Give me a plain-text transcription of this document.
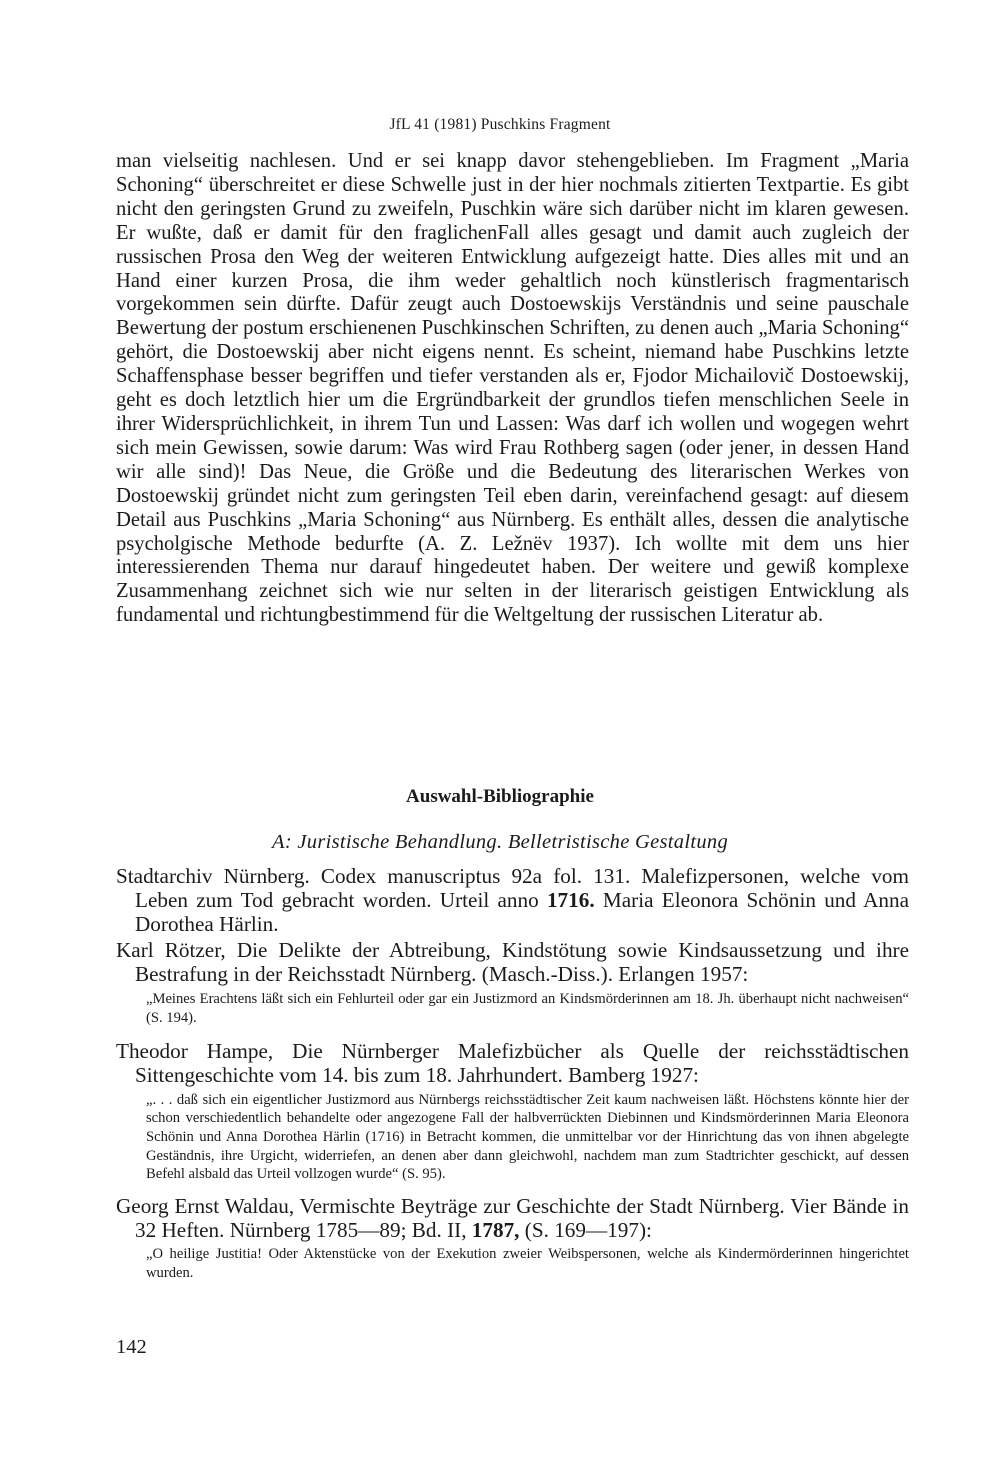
JfL 41 (1981) Puschkins Fragment

man vielseitig nachlesen. Und er sei knapp davor stehengeblieben. Im Fragment „Maria Schoning“ überschreitet er diese Schwelle just in der hier nochmals zitierten Textpartie. Es gibt nicht den geringsten Grund zu zweifeln, Puschkin wäre sich darüber nicht im klaren gewesen. Er wußte, daß er damit für den fraglichenFall alles gesagt und damit auch zugleich der russischen Prosa den Weg der weiteren Entwicklung aufgezeigt hatte. Dies alles mit und an Hand einer kurzen Prosa, die ihm weder gehaltlich noch künstlerisch fragmentarisch vorgekommen sein dürfte. Dafür zeugt auch Dostoewskijs Verständnis und seine pauschale Bewertung der postum erschienenen Puschkinschen Schriften, zu denen auch „Maria Schoning“ gehört, die Dostoewskij aber nicht eigens nennt. Es scheint, niemand habe Puschkins letzte Schaffensphase besser begriffen und tiefer verstanden als er, Fjodor Michailovič Dostoewskij, geht es doch letztlich hier um die Ergründbarkeit der grundlos tiefen menschlichen Seele in ihrer Widersprüchlichkeit, in ihrem Tun und Lassen: Was darf ich wollen und wogegen wehrt sich mein Gewissen, sowie darum: Was wird Frau Rothberg sagen (oder jener, in dessen Hand wir alle sind)! Das Neue, die Größe und die Bedeutung des literarischen Werkes von Dostoewskij gründet nicht zum geringsten Teil eben darin, vereinfachend gesagt: auf diesem Detail aus Puschkins „Maria Schoning“ aus Nürnberg. Es enthält alles, dessen die analytische psycholgische Methode bedurfte (A. Z. Ležnëv 1937). Ich wollte mit dem uns hier interessierenden Thema nur darauf hingedeutet haben. Der weitere und gewiß komplexe Zusammenhang zeichnet sich wie nur selten in der literarisch geistigen Entwicklung als fundamental und richtungbestimmend für die Weltgeltung der russischen Literatur ab.

Auswahl-Bibliographie
A: Juristische Behandlung. Belletristische Gestaltung

Stadtarchiv Nürnberg. Codex manuscriptus 92a fol. 131. Malefizpersonen, welche vom Leben zum Tod gebracht worden. Urteil anno 1716. Maria Eleonora Schönin und Anna Dorothea Härlin.

Karl Rötzer, Die Delikte der Abtreibung, Kindstötung sowie Kindsaussetzung und ihre Bestrafung in der Reichsstadt Nürnberg. (Masch.-Diss.). Erlangen 1957:

„Meines Erachtens läßt sich ein Fehlurteil oder gar ein Justizmord an Kindsmörderinnen am 18. Jh. überhaupt nicht nachweisen“ (S. 194).

Theodor Hampe, Die Nürnberger Malefizbücher als Quelle der reichsstädtischen Sittengeschichte vom 14. bis zum 18. Jahrhundert. Bamberg 1927:

„. . . daß sich ein eigentlicher Justizmord aus Nürnbergs reichsstädtischer Zeit kaum nachweisen läßt. Höchstens könnte hier der schon verschiedentlich behandelte oder angezogene Fall der halbverrückten Diebinnen und Kindsmörderinnen Maria Eleonora Schönin und Anna Dorothea Härlin (1716) in Betracht kommen, die unmittelbar vor der Hinrichtung das von ihnen abgelegte Geständnis, ihre Urgicht, widerriefen, an denen aber dann gleichwohl, nachdem man zum Stadtrichter geschickt, auf dessen Befehl alsbald das Urteil vollzogen wurde“ (S. 95).

Georg Ernst Waldau, Vermischte Beyträge zur Geschichte der Stadt Nürnberg. Vier Bände in 32 Heften. Nürnberg 1785—89; Bd. II, 1787, (S. 169—197):

„O heilige Justitia! Oder Aktenstücke von der Exekution zweier Weibspersonen, welche als Kindermörderinnen hingerichtet wurden.
142
